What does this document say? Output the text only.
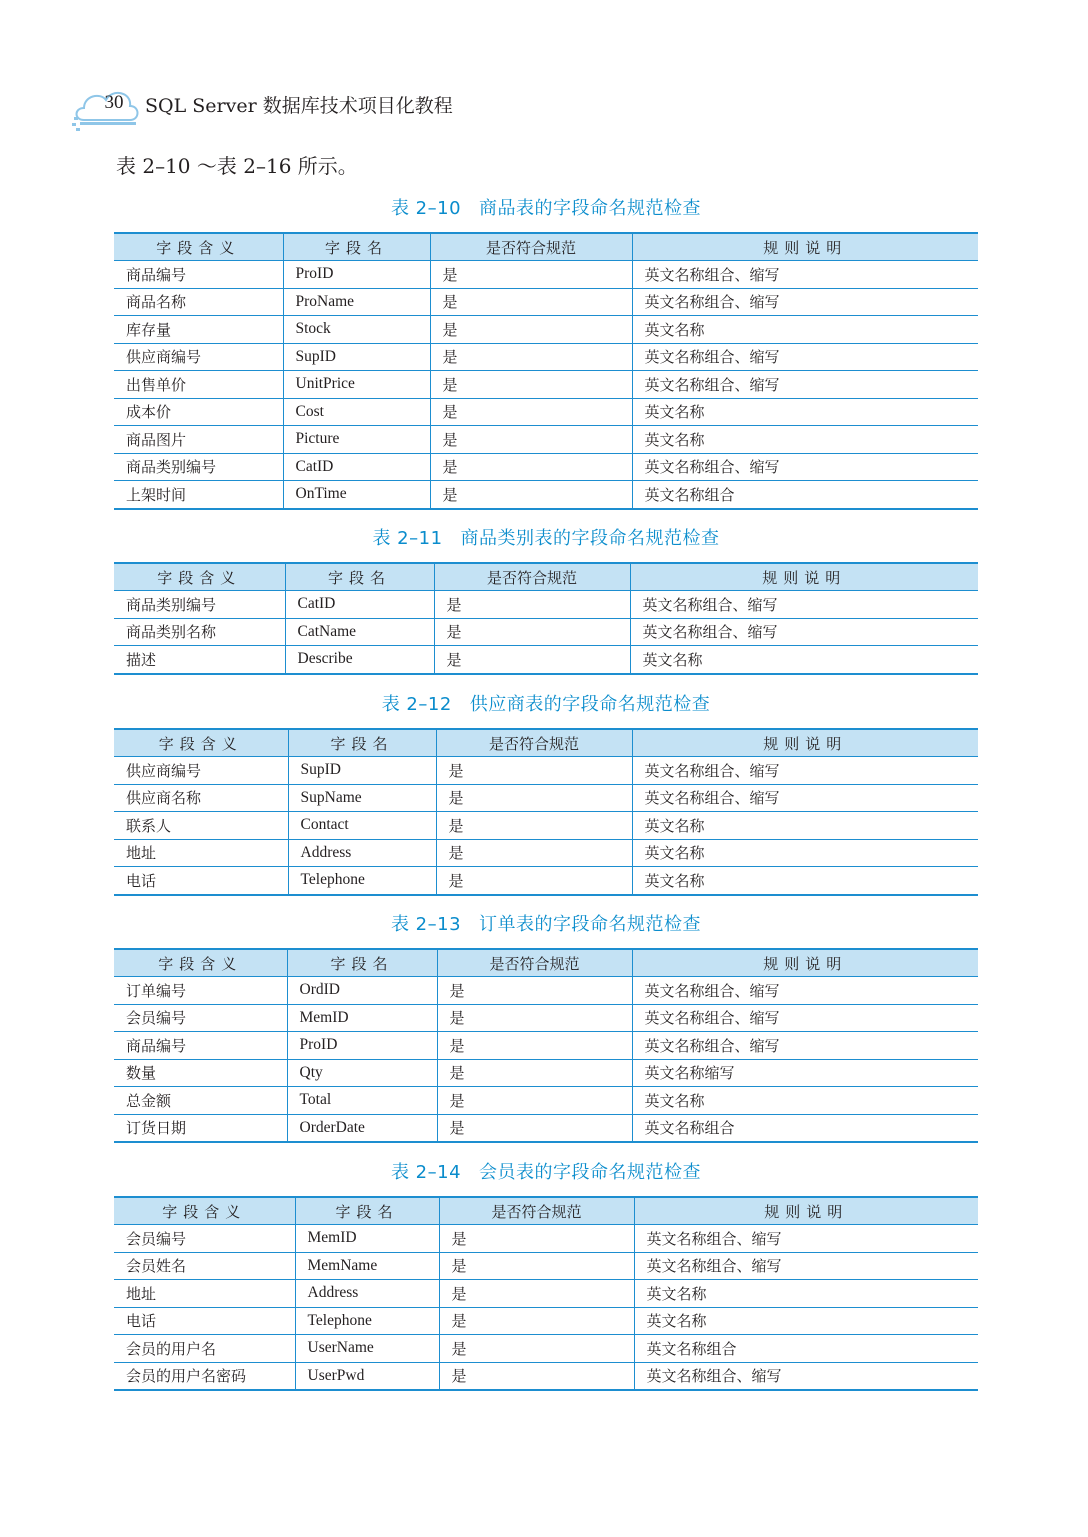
30 SQL Server 数据库技术项目化教程
表 2–10 ～表 2–16 所示。
表 2–10 商品表的字段命名规范检查
字段含义	字段名	是否符合规范	规则说明
商品编号	ProID	是	英文名称组合、缩写
商品名称	ProName	是	英文名称组合、缩写
库存量	Stock	是	英文名称
供应商编号	SupID	是	英文名称组合、缩写
出售单价	UnitPrice	是	英文名称组合、缩写
成本价	Cost	是	英文名称
商品图片	Picture	是	英文名称
商品类别编号	CatID	是	英文名称组合、缩写
上架时间	OnTime	是	英文名称组合
表 2–11 商品类别表的字段命名规范检查
字段含义	字段名	是否符合规范	规则说明
商品类别编号	CatID	是	英文名称组合、缩写
商品类别名称	CatName	是	英文名称组合、缩写
描述	Describe	是	英文名称
表 2–12 供应商表的字段命名规范检查
字段含义	字段名	是否符合规范	规则说明
供应商编号	SupID	是	英文名称组合、缩写
供应商名称	SupName	是	英文名称组合、缩写
联系人	Contact	是	英文名称
地址	Address	是	英文名称
电话	Telephone	是	英文名称
表 2–13 订单表的字段命名规范检查
字段含义	字段名	是否符合规范	规则说明
订单编号	OrdID	是	英文名称组合、缩写
会员编号	MemID	是	英文名称组合、缩写
商品编号	ProID	是	英文名称组合、缩写
数量	Qty	是	英文名称缩写
总金额	Total	是	英文名称
订货日期	OrderDate	是	英文名称组合
表 2–14 会员表的字段命名规范检查
字段含义	字段名	是否符合规范	规则说明
会员编号	MemID	是	英文名称组合、缩写
会员姓名	MemName	是	英文名称组合、缩写
地址	Address	是	英文名称
电话	Telephone	是	英文名称
会员的用户名	UserName	是	英文名称组合
会员的用户名密码	UserPwd	是	英文名称组合、缩写
